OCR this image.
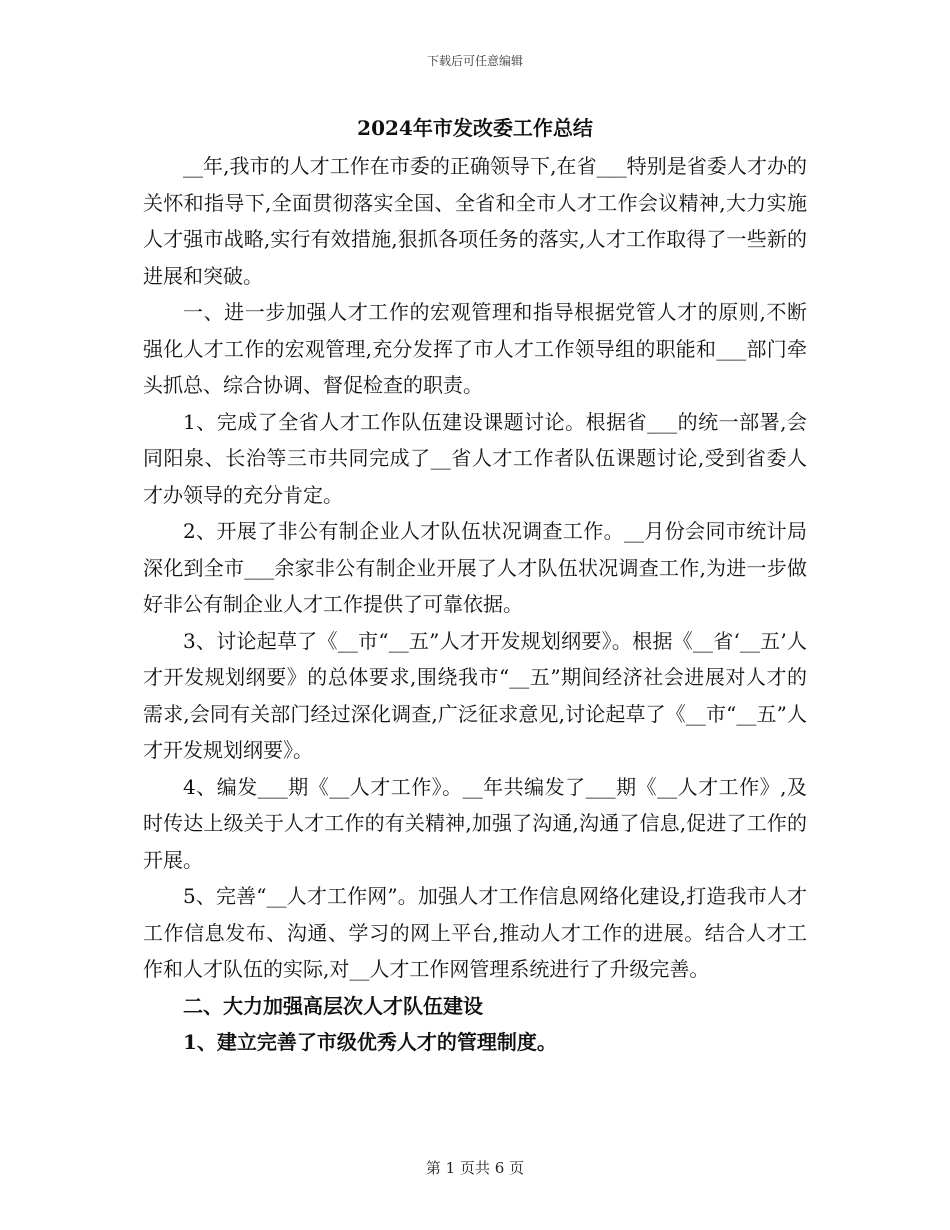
下载后可任意编辑
2024年市发改委工作总结

__年,我市的人才工作在市委的正确领导下,在省___特别是省委人才办的关怀和指导下,全面贯彻落实全国、全省和全市人才工作会议精神,大力实施人才强市战略,实行有效措施,狠抓各项任务的落实,人才工作取得了一些新的进展和突破。

一、进一步加强人才工作的宏观管理和指导根据党管人才的原则,不断强化人才工作的宏观管理,充分发挥了市人才工作领导组的职能和___部门牵头抓总、综合协调、督促检查的职责。

1、完成了全省人才工作队伍建设课题讨论。根据省___的统一部署,会同阳泉、长治等三市共同完成了__省人才工作者队伍课题讨论,受到省委人才办领导的充分肯定。

2、开展了非公有制企业人才队伍状况调查工作。__月份会同市统计局深化到全市___余家非公有制企业开展了人才队伍状况调查工作,为进一步做好非公有制企业人才工作提供了可靠依据。

3、讨论起草了《__市“__五”人才开发规划纲要》。根据《__省‘__五’人才开发规划纲要》的总体要求,围绕我市“__五”期间经济社会进展对人才的需求,会同有关部门经过深化调查,广泛征求意见,讨论起草了《__市“__五”人才开发规划纲要》。

4、编发___期《__人才工作》。__年共编发了___期《__人才工作》,及时传达上级关于人才工作的有关精神,加强了沟通,沟通了信息,促进了工作的开展。

5、完善“__人才工作网”。加强人才工作信息网络化建设,打造我市人才工作信息发布、沟通、学习的网上平台,推动人才工作的进展。结合人才工作和人才队伍的实际,对__人才工作网管理系统进行了升级完善。

二、大力加强高层次人才队伍建设

1、建立完善了市级优秀人才的管理制度。

第 1 页共 6 页
